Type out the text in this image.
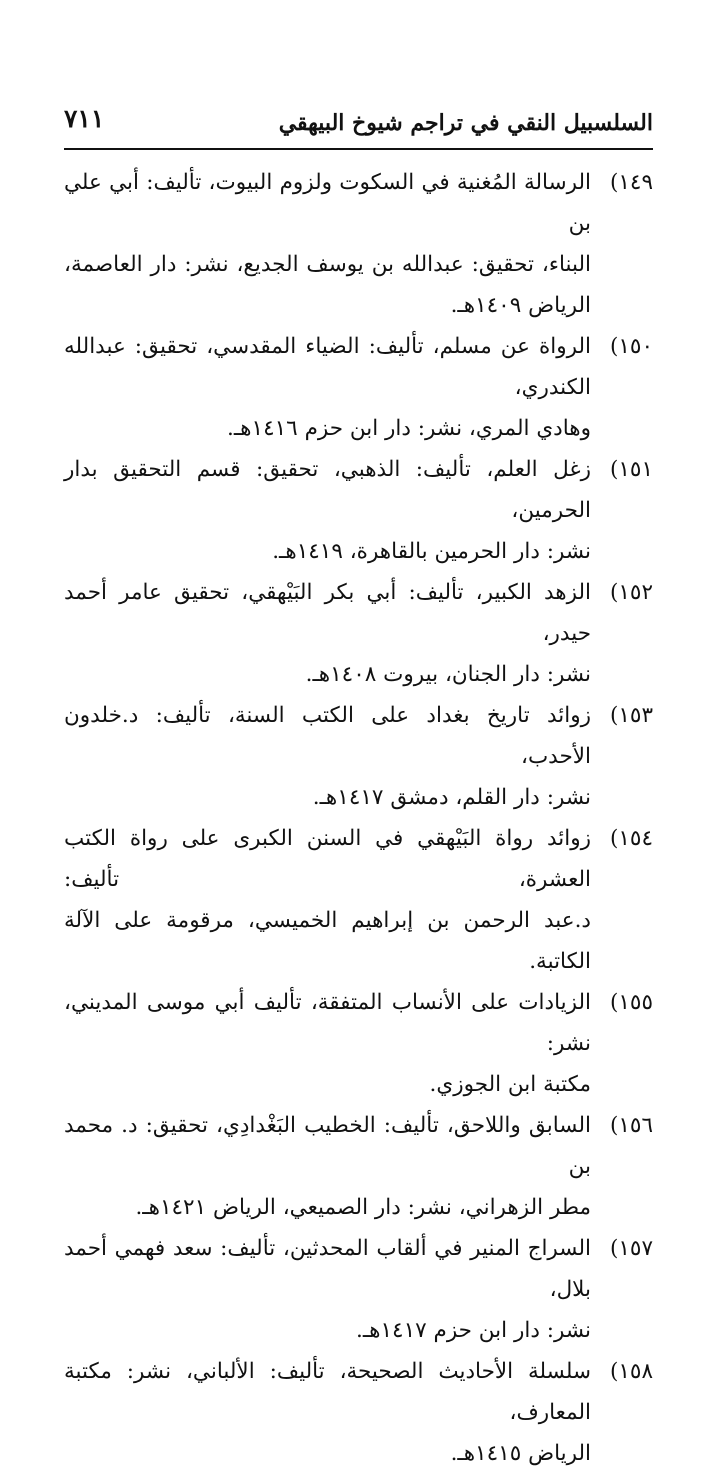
السلسبيل النقي في تراجم شيوخ البيهقي
٧١١
١٤٩)
الرسالة المُغنية في السكوت ولزوم البيوت، تأليف: أبي علي بن
البناء، تحقيق: عبدالله بن يوسف الجديع، نشر: دار العاصمة، الرياض ١٤٠٩هـ.
١٥٠)
الرواة عن مسلم، تأليف: الضياء المقدسي، تحقيق: عبدالله الكندري،
وهادي المري، نشر: دار ابن حزم ١٤١٦هـ.
١٥١)
زغل العلم، تأليف: الذهبي، تحقيق: قسم التحقيق بدار الحرمين،
نشر: دار الحرمين بالقاهرة، ١٤١٩هـ.
١٥٢)
الزهد الكبير، تأليف: أبي بكر البَيْهقي، تحقيق عامر أحمد حيدر،
نشر: دار الجنان، بيروت ١٤٠٨هـ.
١٥٣)
زوائد تاريخ بغداد على الكتب السنة، تأليف: د.خلدون الأحدب،
نشر: دار القلم، دمشق ١٤١٧هـ.
١٥٤)
زوائد رواة البَيْهقي في السنن الكبرى على رواة الكتب العشرة، تأليف:
د.عبد الرحمن بن إبراهيم الخميسي، مرقومة على الآلة الكاتبة.
١٥٥)
الزيادات على الأنساب المتفقة، تأليف أبي موسى المديني، نشر:
مكتبة ابن الجوزي.
١٥٦)
السابق واللاحق، تأليف: الخطيب البَغْدادِي، تحقيق: د. محمد بن
مطر الزهراني، نشر: دار الصميعي، الرياض ١٤٢١هـ.
١٥٧)
السراج المنير في ألقاب المحدثين، تأليف: سعد فهمي أحمد بلال،
نشر: دار ابن حزم ١٤١٧هـ.
١٥٨)
سلسلة الأحاديث الصحيحة، تأليف: الألباني، نشر: مكتبة المعارف،
الرياض ١٤١٥هـ.
